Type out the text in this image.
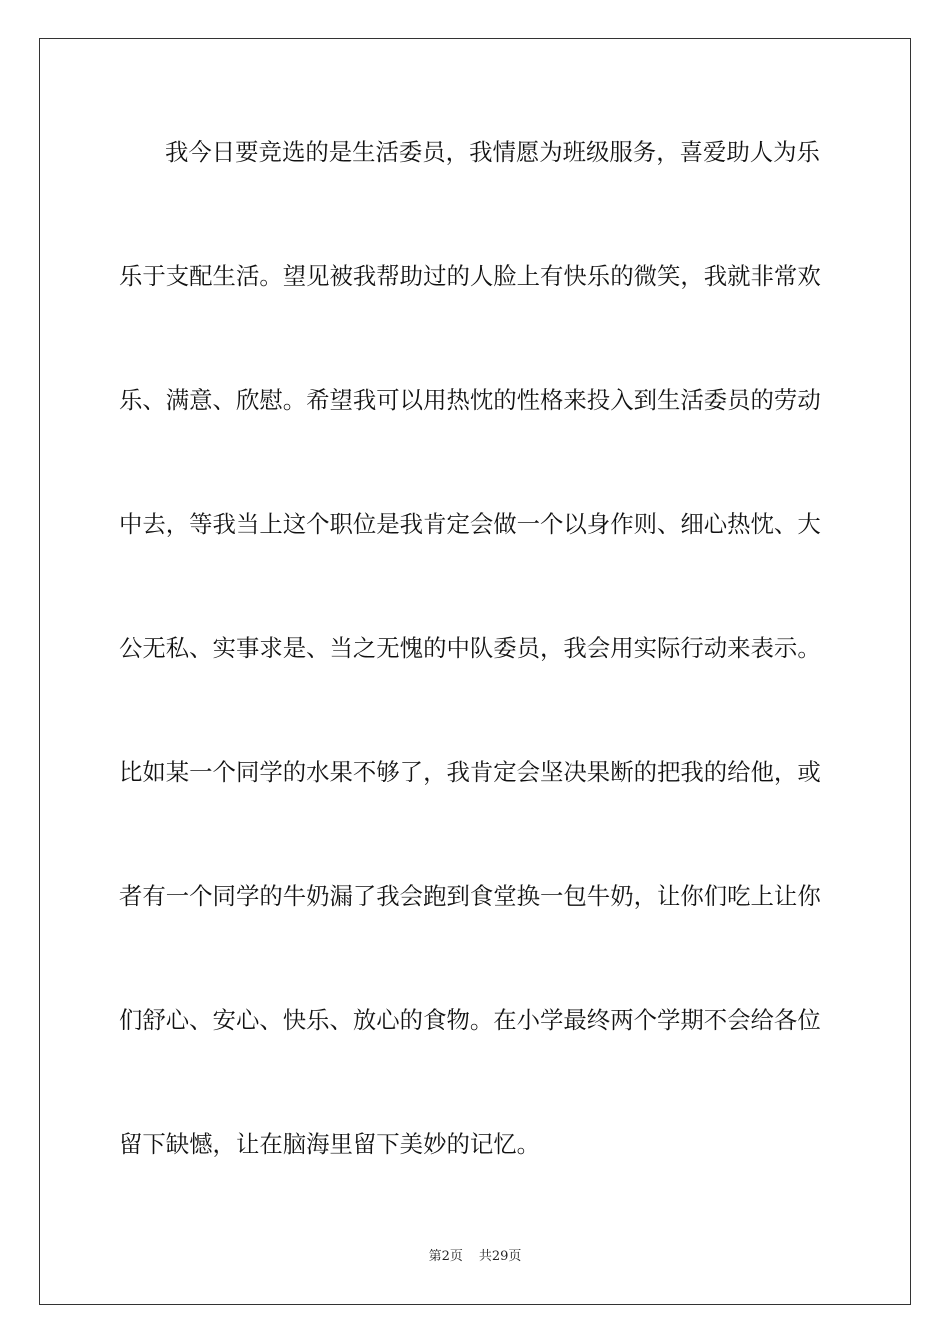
我今日要竞选的是生活委员，我情愿为班级服务，喜爱助人为乐
乐于支配生活。望见被我帮助过的人脸上有快乐的微笑，我就非常欢
乐、满意、欣慰。希望我可以用热忱的性格来投入到生活委员的劳动
中去，等我当上这个职位是我肯定会做一个以身作则、细心热忱、大
公无私、实事求是、当之无愧的中队委员，我会用实际行动来表示。
比如某一个同学的水果不够了，我肯定会坚决果断的把我的给他，或
者有一个同学的牛奶漏了我会跑到食堂换一包牛奶，让你们吃上让你
们舒心、安心、快乐、放心的食物。在小学最终两个学期不会给各位
留下缺憾，让在脑海里留下美妙的记忆。
第2页 共29页
